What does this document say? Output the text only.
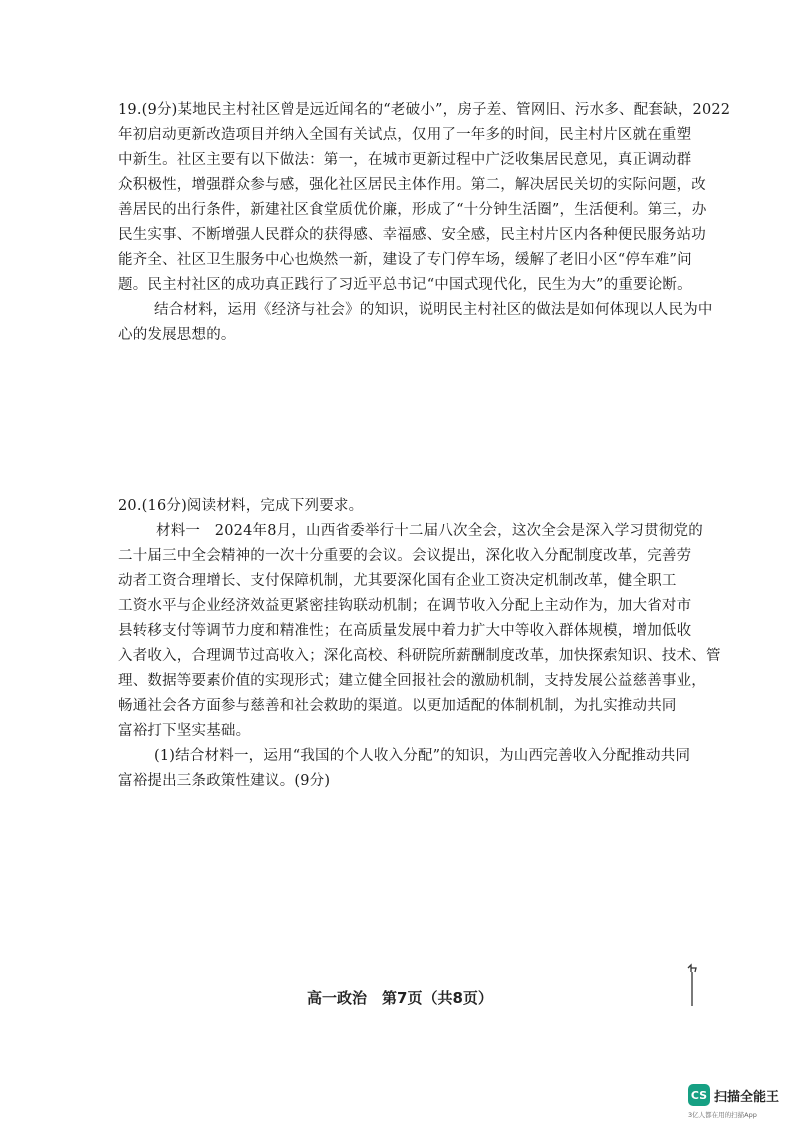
19.(9分)某地民主村社区曾是远近闻名的“老破小”，房子差、管网旧、污水多、配套缺，2022
年初启动更新改造项目并纳入全国有关试点，仅用了一年多的时间，民主村片区就在重塑
中新生。社区主要有以下做法：第一，在城市更新过程中广泛收集居民意见，真正调动群
众积极性，增强群众参与感，强化社区居民主体作用。第二，解决居民关切的实际问题，改
善居民的出行条件，新建社区食堂质优价廉，形成了“十分钟生活圈”，生活便利。第三，办
民生实事、不断增强人民群众的获得感、幸福感、安全感，民主村片区内各种便民服务站功
能齐全、社区卫生服务中心也焕然一新，建设了专门停车场，缓解了老旧小区“停车难”问
题。民主村社区的成功真正践行了习近平总书记“中国式现代化，民生为大”的重要论断。
结合材料，运用《经济与社会》的知识，说明民主村社区的做法是如何体现以人民为中
心的发展思想的。
20.(16分)阅读材料，完成下列要求。
材料一　2024年8月，山西省委举行十二届八次全会，这次全会是深入学习贯彻党的
二十届三中全会精神的一次十分重要的会议。会议提出，深化收入分配制度改革，完善劳
动者工资合理增长、支付保障机制，尤其要深化国有企业工资决定机制改革，健全职工
工资水平与企业经济效益更紧密挂钩联动机制；在调节收入分配上主动作为，加大省对市
县转移支付等调节力度和精准性；在高质量发展中着力扩大中等收入群体规模，增加低收
入者收入，合理调节过高收入；深化高校、科研院所薪酬制度改革，加快探索知识、技术、管
理、数据等要素价值的实现形式；建立健全回报社会的激励机制，支持发展公益慈善事业，
畅通社会各方面参与慈善和社会救助的渠道。以更加适配的体制机制，为扎实推动共同
富裕打下坚实基础。
(1)结合材料一，运用“我国的个人收入分配”的知识，为山西完善收入分配推动共同
富裕提出三条政策性建议。(9分)
高一政治　第7页（共8页）
CS 扫描全能王
3亿人都在用的扫描App
